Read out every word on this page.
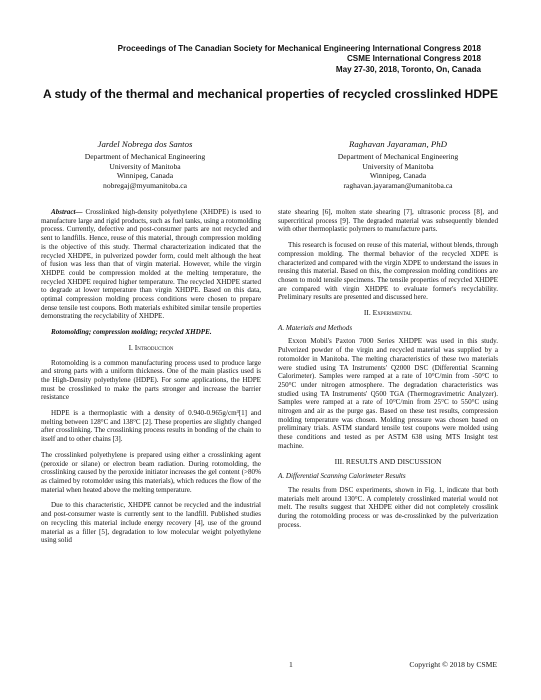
Proceedings of The Canadian Society for Mechanical Engineering International Congress 2018
CSME International Congress 2018
May 27-30, 2018, Toronto, On, Canada
A study of the thermal and mechanical properties of recycled crosslinked HDPE
Jardel Nobrega dos Santos
Department of Mechanical Engineering
University of Manitoba
Winnipeg, Canada
nobregaj@myumanitoba.ca
Raghavan Jayaraman, PhD
Department of Mechanical Engineering
University of Manitoba
Winnipeg, Canada
raghavan.jayaraman@umanitoba.ca

Abstract— Crosslinked high-density polyethylene (XHDPE) is used to manufacture large and rigid products, such as fuel tanks, using a rotomolding process. Currently, defective and post-consumer parts are not recycled and sent to landfills. Hence, reuse of this material, through compression molding is the objective of this study. Thermal characterization indicated that the recycled XHDPE, in pulverized powder form, could melt although the heat of fusion was less than that of virgin material. However, while the virgin XHDPE could be compression molded at the melting temperature, the recycled XHDPE required higher temperature. The recycled XHDPE started to degrade at lower temperature than virgin XHDPE. Based on this data, optimal compression molding process conditions were chosen to prepare dense tensile test coupons. Both materials exhibited similar tensile properties demonstrating the recyclability of XHDPE.

Rotomolding; compression molding; recycled XHDPE.
I. Introduction

Rotomolding is a common manufacturing process used to produce large and strong parts with a uniform thickness. One of the main plastics used is the High-Density polyethylene (HDPE). For some applications, the HDPE must be crosslinked to make the parts stronger and increase the barrier resistance

HDPE is a thermoplastic with a density of 0.940-0.965g/cm³[1] and melting between 128°C and 138°C [2]. These properties are slightly changed after crosslinking. The crosslinking process results in bonding of the chain to itself and to other chains [3].

The crosslinked polyethylene is prepared using either a crosslinking agent (peroxide or silane) or electron beam radiation. During rotomolding, the crosslinking caused by the peroxide initiator increases the gel content (>80% as claimed by rotomolder using this materials), which reduces the flow of the material when heated above the melting temperature.

Due to this characteristic, XHDPE cannot be recycled and the industrial and post-consumer waste is currently sent to the landfill. Published studies on recycling this material include energy recovery [4], use of the ground material as a filler [5], degradation to low molecular weight polyethylene using solid

state shearing [6], molten state shearing [7], ultrasonic process [8], and supercritical process [9]. The degraded material was subsequently blended with other thermoplastic polymers to manufacture parts.

This research is focused on reuse of this material, without blends, through compression molding. The thermal behavior of the recycled XDPE is characterized and compared with the virgin XDPE to understand the issues in reusing this material. Based on this, the compression molding conditions are chosen to mold tensile specimens. The tensile properties of recycled XHDPE are compared with virgin XHDPE to evaluate former's recyclability. Preliminary results are presented and discussed here.

II. Experimental
A. Materials and Methods

Exxon Mobil's Paxton 7000 Series XHDPE was used in this study. Pulverized powder of the virgin and recycled material was supplied by a rotomolder in Manitoba. The melting characteristics of these two materials were studied using TA Instruments' Q2000 DSC (Differential Scanning Calorimeter). Samples were ramped at a rate of 10°C/min from -50°C to 250°C under nitrogen atmosphere. The degradation characteristics was studied using TA Instruments' Q500 TGA (Thermogravimetric Analyzer). Samples were ramped at a rate of 10°C/min from 25°C to 550°C using nitrogen and air as the purge gas. Based on these test results, compression molding temperature was chosen. Molding pressure was chosen based on preliminary trials. ASTM standard tensile test coupons were molded using these conditions and tested as per ASTM 638 using MTS Insight test machine.

III. RESULTS AND DISCUSSION
A. Differential Scanning Calorimeter Results

The results from DSC experiments, shown in Fig. 1, indicate that both materials melt around 130°C. A completely crosslinked material would not melt. The results suggest that XHDPE either did not completely crosslink during the rotomolding process or was de-crosslinked by the pulverization process.

1	Copyright © 2018 by CSME
